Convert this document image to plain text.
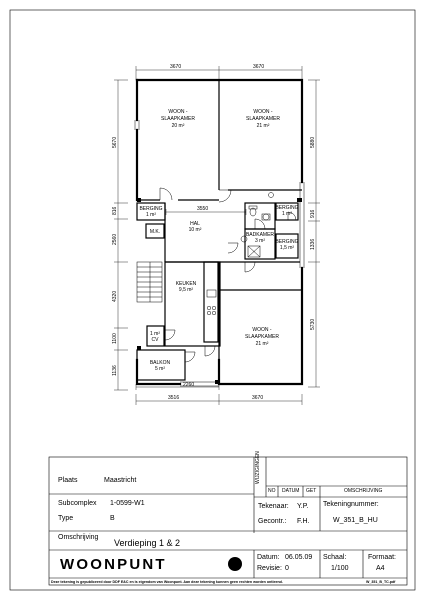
3670	3670
3550
2260
3516	3670
5670
816
2560
4320
1100
1136
5880
916
1336
5730
WOON -
SLAAPKAMER
20 m²
WOON -
SLAAPKAMER
21 m²
BERGING
1 m²
HAL
10 m²
M.K.
BERGING
1 m²
BADKAMER
3 m² BERGING
1,5 m²
KEUKEN
9,5 m²
1 m²
CV
WOON -
SLAAPKAMER
21 m²
BALKON
5 m²
WIJZIGINGEN
NO DATUM GET	OMSCHRIJVING
Plaats	Maastricht
Subcomplex 1-0599-W1
Type	B
Tekenaar: Y.P.
Gecontr.: F.H.
Tekeningnummer:
W_351_B_HU
Omschrijving
Verdieping 1 & 2
WOONPUNT	Datum: 06.05.09
Revisie: 0
Schaal:
1/100
Formaat:
A4
Deze tekening is gepubliceerd door DDF E&C en is eigendom van Woonpunt. Aan deze tekening kunnen geen rechten worden ontleend.	W_351_B_TC.pdf
